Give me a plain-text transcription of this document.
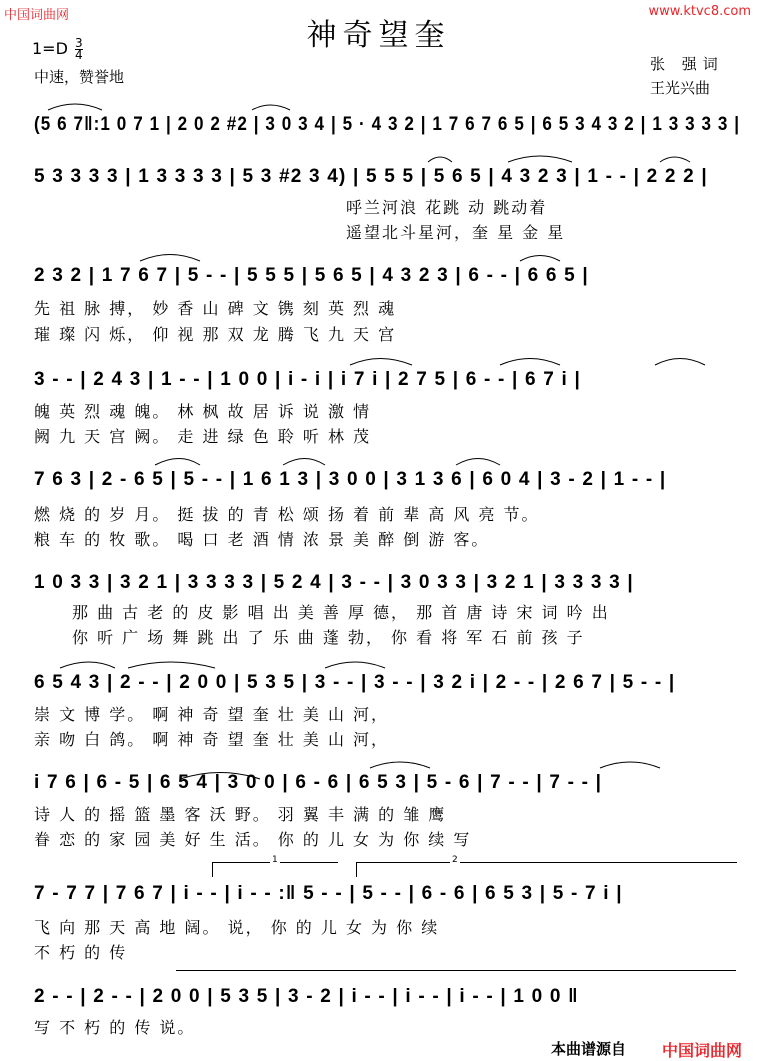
中国词曲网	www.ktvc8.com
神奇望奎
$1=D \frac{3}{4}$
中速，赞誉地
张 强词
王光兴曲
(5 6 7‖:1 0 7 1 | 2 0 2 #2 | 3 0 3 4 | 5 · 4 3 2 | 1 7 6 7 6 5 | 6 5 3 4 3 2 | 1 3 3 3 3 |
5 3 3 3 3 | 1 3 3 3 3 | 5 3 #2 3 4) | 5 5 5 | 5 6 5 | 4 3 2 3 | 1 - - | 2 2 2 |
呼兰河浪 花跳 动 跳动着
遥望北斗星河，奎 星 金 星
2 3 2 | 1 7 6 7 | 5 - - | 5 5 5 | 5 6 5 | 4 3 2 3 | 6 - - | 6 6 5 |
先 祖 脉 搏， 妙 香 山 碑 文 镌 刻 英 烈 魂
璀 璨 闪 烁， 仰 视 那 双 龙 腾 飞 九 天 宫
3 - - | 2 4 3 | 1 - - | 1 0 0 | i - i | i 7 i | 2 7 5 | 6 - - | 6 7 i |
魄 英 烈 魂 魄。 林 枫 故 居 诉 说 激 情
阙 九 天 宫 阙。 走 进 绿 色 聆 听 林 茂
7 6 3 | 2 - 6 5 | 5 - - | 1 6 1 3 | 3 0 0 | 3 1 3 6 | 6 0 4 | 3 - 2 | 1 - - |
燃 烧 的 岁 月。 挺 拔 的 青 松 颂 扬 着 前 辈 高 风 亮 节。
粮 车 的 牧 歌。 喝 口 老 酒 情 浓 景 美 醉 倒 游 客。
1 0 3 3 | 3 2 1 | 3 3 3 3 | 5 2 4 | 3 - - | 3 0 3 3 | 3 2 1 | 3 3 3 3 |
那 曲 古 老 的 皮 影 唱 出 美 善 厚 德， 那 首 唐 诗 宋 词 吟 出
你 听 广 场 舞 跳 出 了 乐 曲 蓬 勃， 你 看 将 军 石 前 孩 子
6 5 4 3 | 2 - - | 2 0 0 | 5 3 5 | 3 - - | 3 - - | 3 2 i | 2 - - | 2 6 7 | 5 - - |
崇 文 博 学。 啊 神 奇 望 奎 壮 美 山 河，
亲 吻 白 鸽。 啊 神 奇 望 奎 壮 美 山 河，
i 7 6 | 6 - 5 | 6 5 4 | 3 0 0 | 6 - 6 | 6 5 3 | 5 - 6 | 7 - - | 7 - - |
诗 人 的 摇 篮 墨 客 沃 野。 羽 翼 丰 满 的 雏 鹰
眷 恋 的 家 园 美 好 生 活。 你 的 儿 女 为 你 续 写
1	2
7 - 7 7 | 7 6 7 | i - - | i - - :‖ 5 - - | 5 - - | 6 - 6 | 6 5 3 | 5 - 7 i |
飞 向 那 天 高 地 阔。 说， 你 的 儿 女 为 你 续
不 朽 的 传
2 - - | 2 - - | 2 0 0 | 5 3 5 | 3 - 2 | i - - | i - - | i - - | 1 0 0 ‖
写 不 朽 的 传 说。
本曲谱源自 中国词曲网
